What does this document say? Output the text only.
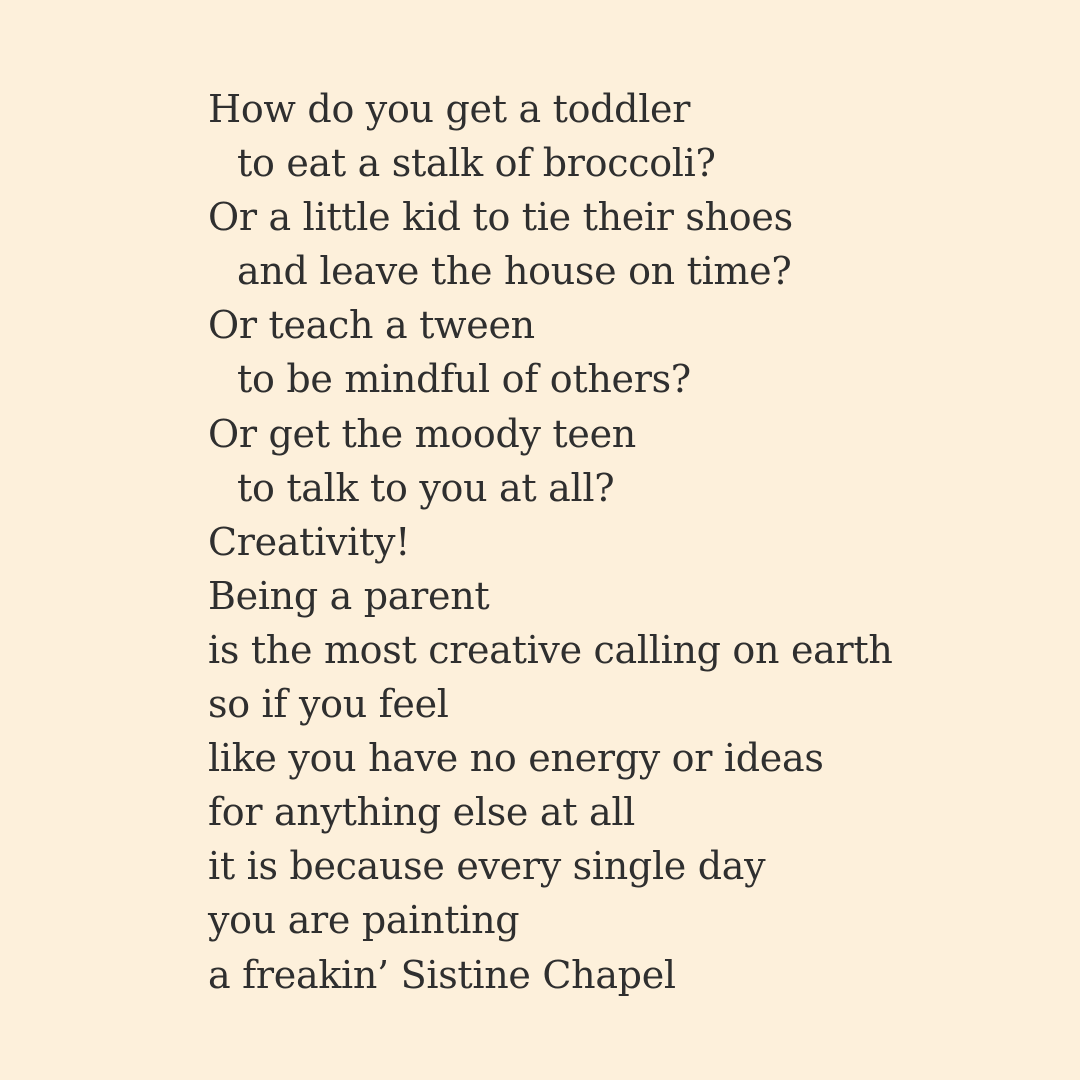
How do you get a toddler
to eat a stalk of broccoli?
Or a little kid to tie their shoes
and leave the house on time?
Or teach a tween
to be mindful of others?
Or get the moody teen
to talk to you at all?
Creativity!
Being a parent
is the most creative calling on earth
so if you feel
like you have no energy or ideas
for anything else at all
it is because every single day
you are painting
a freakin’ Sistine Chapel
